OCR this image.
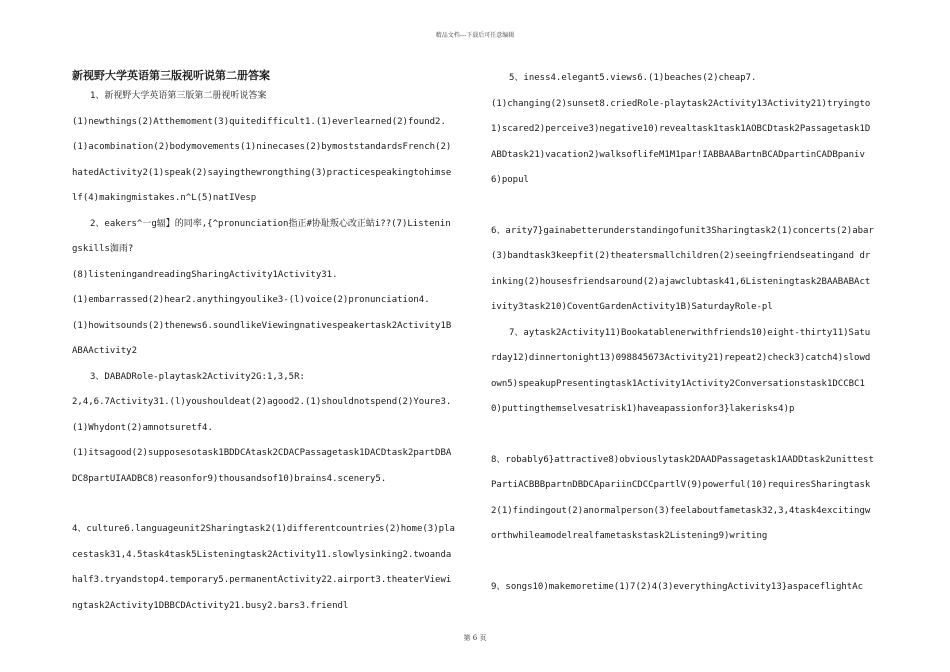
精品文档---下载后可任意编辑
新视野大学英语第三版视听说第二册答案

1、新视野大学英语第三版第二册视听说答案

(1)newthings(2)Atthemoment(3)quitedifficult1.(1)everlearned(2)found2.(1)acombination(2)bodymovements(1)ninecases(2)bymoststandardsFrench(2)hatedActivity2(1)speak(2)sayingthewrongthing(3)practicespeakingtohimself(4)makingmistakes.n^L(5)natIVesp

2、eakers^一g辐】的同率,{^pronunciation指正#协耻叛心改正蛄i??(7)Listeningskills洳雨?

(8)listeningandreadingSharingActivity1Activity31.

(1)embarrassed(2)hear2.anythingyoulike3-(l)voice(2)pronunciation4.

(1)howitsounds(2)thenews6.soundlikeViewingnativespeakertask2Activity1BABAActivity2

3、DABADRole-playtask2Activity2G:1,3,5R:

2,4,6.7Activity31.(l)youshouldeat(2)agood2.(1)shouldnotspend(2)Youre3.(1)Whydont(2)amnotsuretf4.

(1)itsagood(2)supposesotask1BDDCAtask2CDACPassagetask1DACDtask2partDBADC8partUIAADBC8)reasonfor9)thousandsof10)brains4.scenery5.

4、culture6.languageunit2Sharingtask2(1)differentcountries(2)home(3)placestask31,4.5task4task5Listeningtask2Activity11.slowlysinking2.twoandahalf3.tryandstop4.temporary5.permanentActivity22.airport3.theaterViewingtask2Activity1DBBCDActivity21.busy2.bars3.friendl

5、iness4.elegant5.views6.(1)beaches(2)cheap7.

(1)changing(2)sunset8.criedRole-playtask2Activity13Activity21)tryingto1)scared2)perceive3)negative10)revealtask1task1AOBCDtask2Passagetask1DABDtask21)vacation2)walksoflifeM1M1par!IABBAABartnBCADpartinCADBpaniv6)popul

6、arity7}gainabetterunderstandingofunit3Sharingtask2(1)concerts(2)abar(3)bandtask3keepfit(2)theatersmallchildren(2)seeingfriendseatingand drinking(2)housesfriendsaround(2)ajawclubtask41,6Listeningtask2BAABABActivity3task210)CoventGardenActivity1B)SaturdayRole-pl

7、aytask2Activity11)Bookatablenerwithfriends10)eight-thirty11)Saturday12)dinnertonight13)098845673Activity21)repeat2)check3)catch4)slowdown5)speakupPresentingtask1Activity1Activity2Conversationstask1DCCBC10)puttingthemselvesatrisk1)haveapassionfor3}lakerisks4)p

8、robably6}attractive8)obviouslytask2DAADPassagetask1AADDtask2unittestPartiACBBBpartnDBDCApariinCDCCpartlV(9)powerful(10)requiresSharingtask2(1)findingout(2)anormalperson(3)feelaboutfametask32,3,4task4excitingworthwhileamodelrealfametaskstask2Listening9)writing

9、songs10)makemoretime(1)7(2)4(3)everythingActivity13}aspaceflightAc

第 6 页
